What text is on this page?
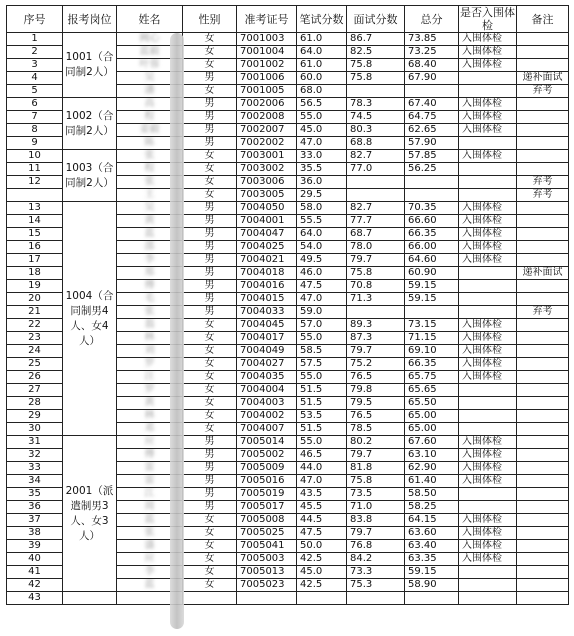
序号	报考岗位	姓名	性别	准考证号	笔试分数	面试分数	总分	是否入围体检	备注
1	1001（合同制2人）	阙心	女	7001003	61.0	86.7	73.85	入围体检	
2		蓝毅	女	7001004	64.0	82.5	73.25	入围体检	
3		叶蓉	女	7001002	61.0	75.8	68.40	入围体检	
4		吴	男	7001006	60.0	75.8	67.90		递补面试
5		潘	女	7001005	68.0				弃考
6	1002（合同制2人）	高	男	7002006	56.5	78.3	67.40	入围体检	
7		程	男	7002008	55.0	74.5	64.75	入围体检	
8		姜毅	男	7002007	45.0	80.3	62.65	入围体检	
9		陈	男	7002002	47.0	68.8	57.90		
10	1003（合同制2人）	张	女	7003001	33.0	82.7	57.85	入围体检	
11		程	女	7003002	35.5	77.0	56.25		
12		张	女	7003006	36.0				弃考
		王	女	7003005	29.5				弃考
13	1004（合同制男4人、女4人）	吴	男	7004050	58.0	82.7	70.35	入围体检	
14		黄	男	7004001	55.5	77.7	66.60	入围体检	
15		蓝	男	7004047	64.0	68.7	66.35	入围体检	
16		邵	男	7004025	54.0	78.0	66.00	入围体检	
17		李	男	7004021	49.5	79.7	64.60	入围体检	
18		郑	男	7004018	46.0	75.8	60.90		递补面试
19		傅	男	7004016	47.5	70.8	59.15		
20		毛	男	7004015	47.0	71.3	59.15		
21		张	男	7004033	59.0				弃考
22		翁	女	7004045	57.0	89.3	73.15	入围体检	
23		林	女	7004017	55.0	87.3	71.15	入围体检	
24		刘	女	7004049	58.5	79.7	69.10	入围体检	
25		罗	女	7004027	57.5	75.2	66.35	入围体检	
26		汪	女	7004035	55.0	76.5	65.75	入围体检	
27		罗	女	7004004	51.5	79.8	65.65		
28		黄	女	7004003	51.5	79.5	65.50		
29		林	女	7004002	53.5	76.5	65.00		
30		邓	女	7004007	51.5	78.5	65.00		
31	2001（派遣制男3人、女3人）	应	男	7005014	55.0	80.2	67.60	入围体检	
32		傅	男	7005002	46.5	79.7	63.10	入围体检	
33		雷	男	7005009	44.0	81.8	62.90	入围体检	
34		雷	男	7005016	47.0	75.8	61.40	入围体检	
35		江	男	7005019	43.5	73.5	58.50		
36		周	男	7005017	45.5	71.0	58.25		
37		蓝	女	7005008	44.5	83.8	64.15	入围体检	
38		张	女	7005025	47.5	79.7	63.60	入围体检	
39		盛	女	7005041	50.0	76.8	63.40	入围体检	
40		应	女	7005003	42.5	84.2	63.35	入围体检	
41		李	女	7005013	45.0	73.3	59.15		
42		蓝	女	7005023	42.5	75.3	58.90		
43									
